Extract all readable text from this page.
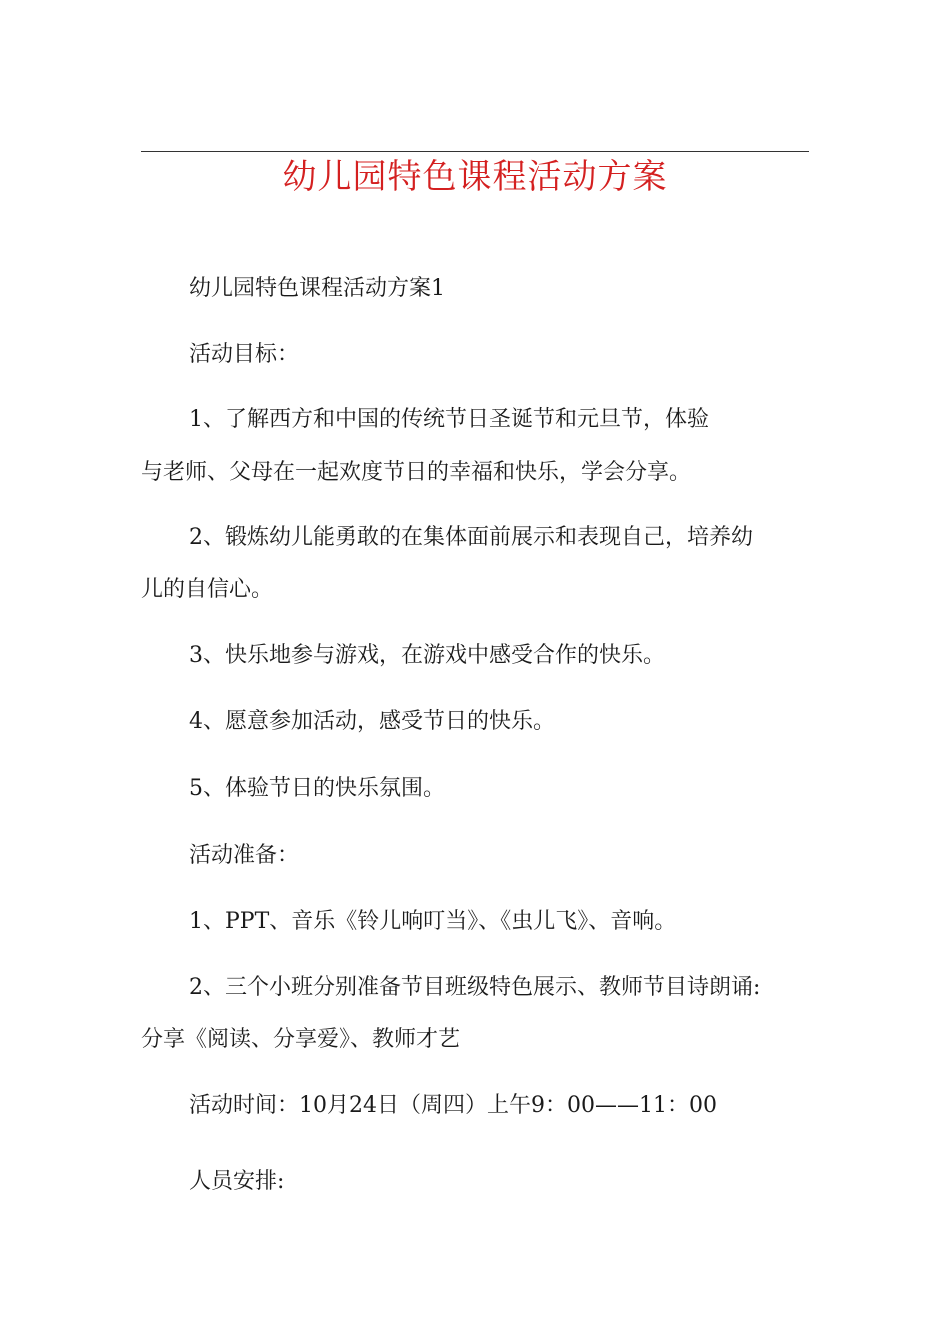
幼儿园特色课程活动方案

幼儿园特色课程活动方案1

活动目标：

1、了解西方和中国的传统节日圣诞节和元旦节，体验

与老师、父母在一起欢度节日的幸福和快乐，学会分享。

2、锻炼幼儿能勇敢的在集体面前展示和表现自己，培养幼

儿的自信心。

3、快乐地参与游戏，在游戏中感受合作的快乐。

4、愿意参加活动，感受节日的快乐。

5、体验节日的快乐氛围。

活动准备：

1、PPT、音乐《铃儿响叮当》、《虫儿飞》、音响。

2、三个小班分别准备节目班级特色展示、教师节目诗朗诵:

分享《阅读、分享爱》、教师才艺

活动时间：10月24日（周四）上午9：00——11：00

人员安排:
